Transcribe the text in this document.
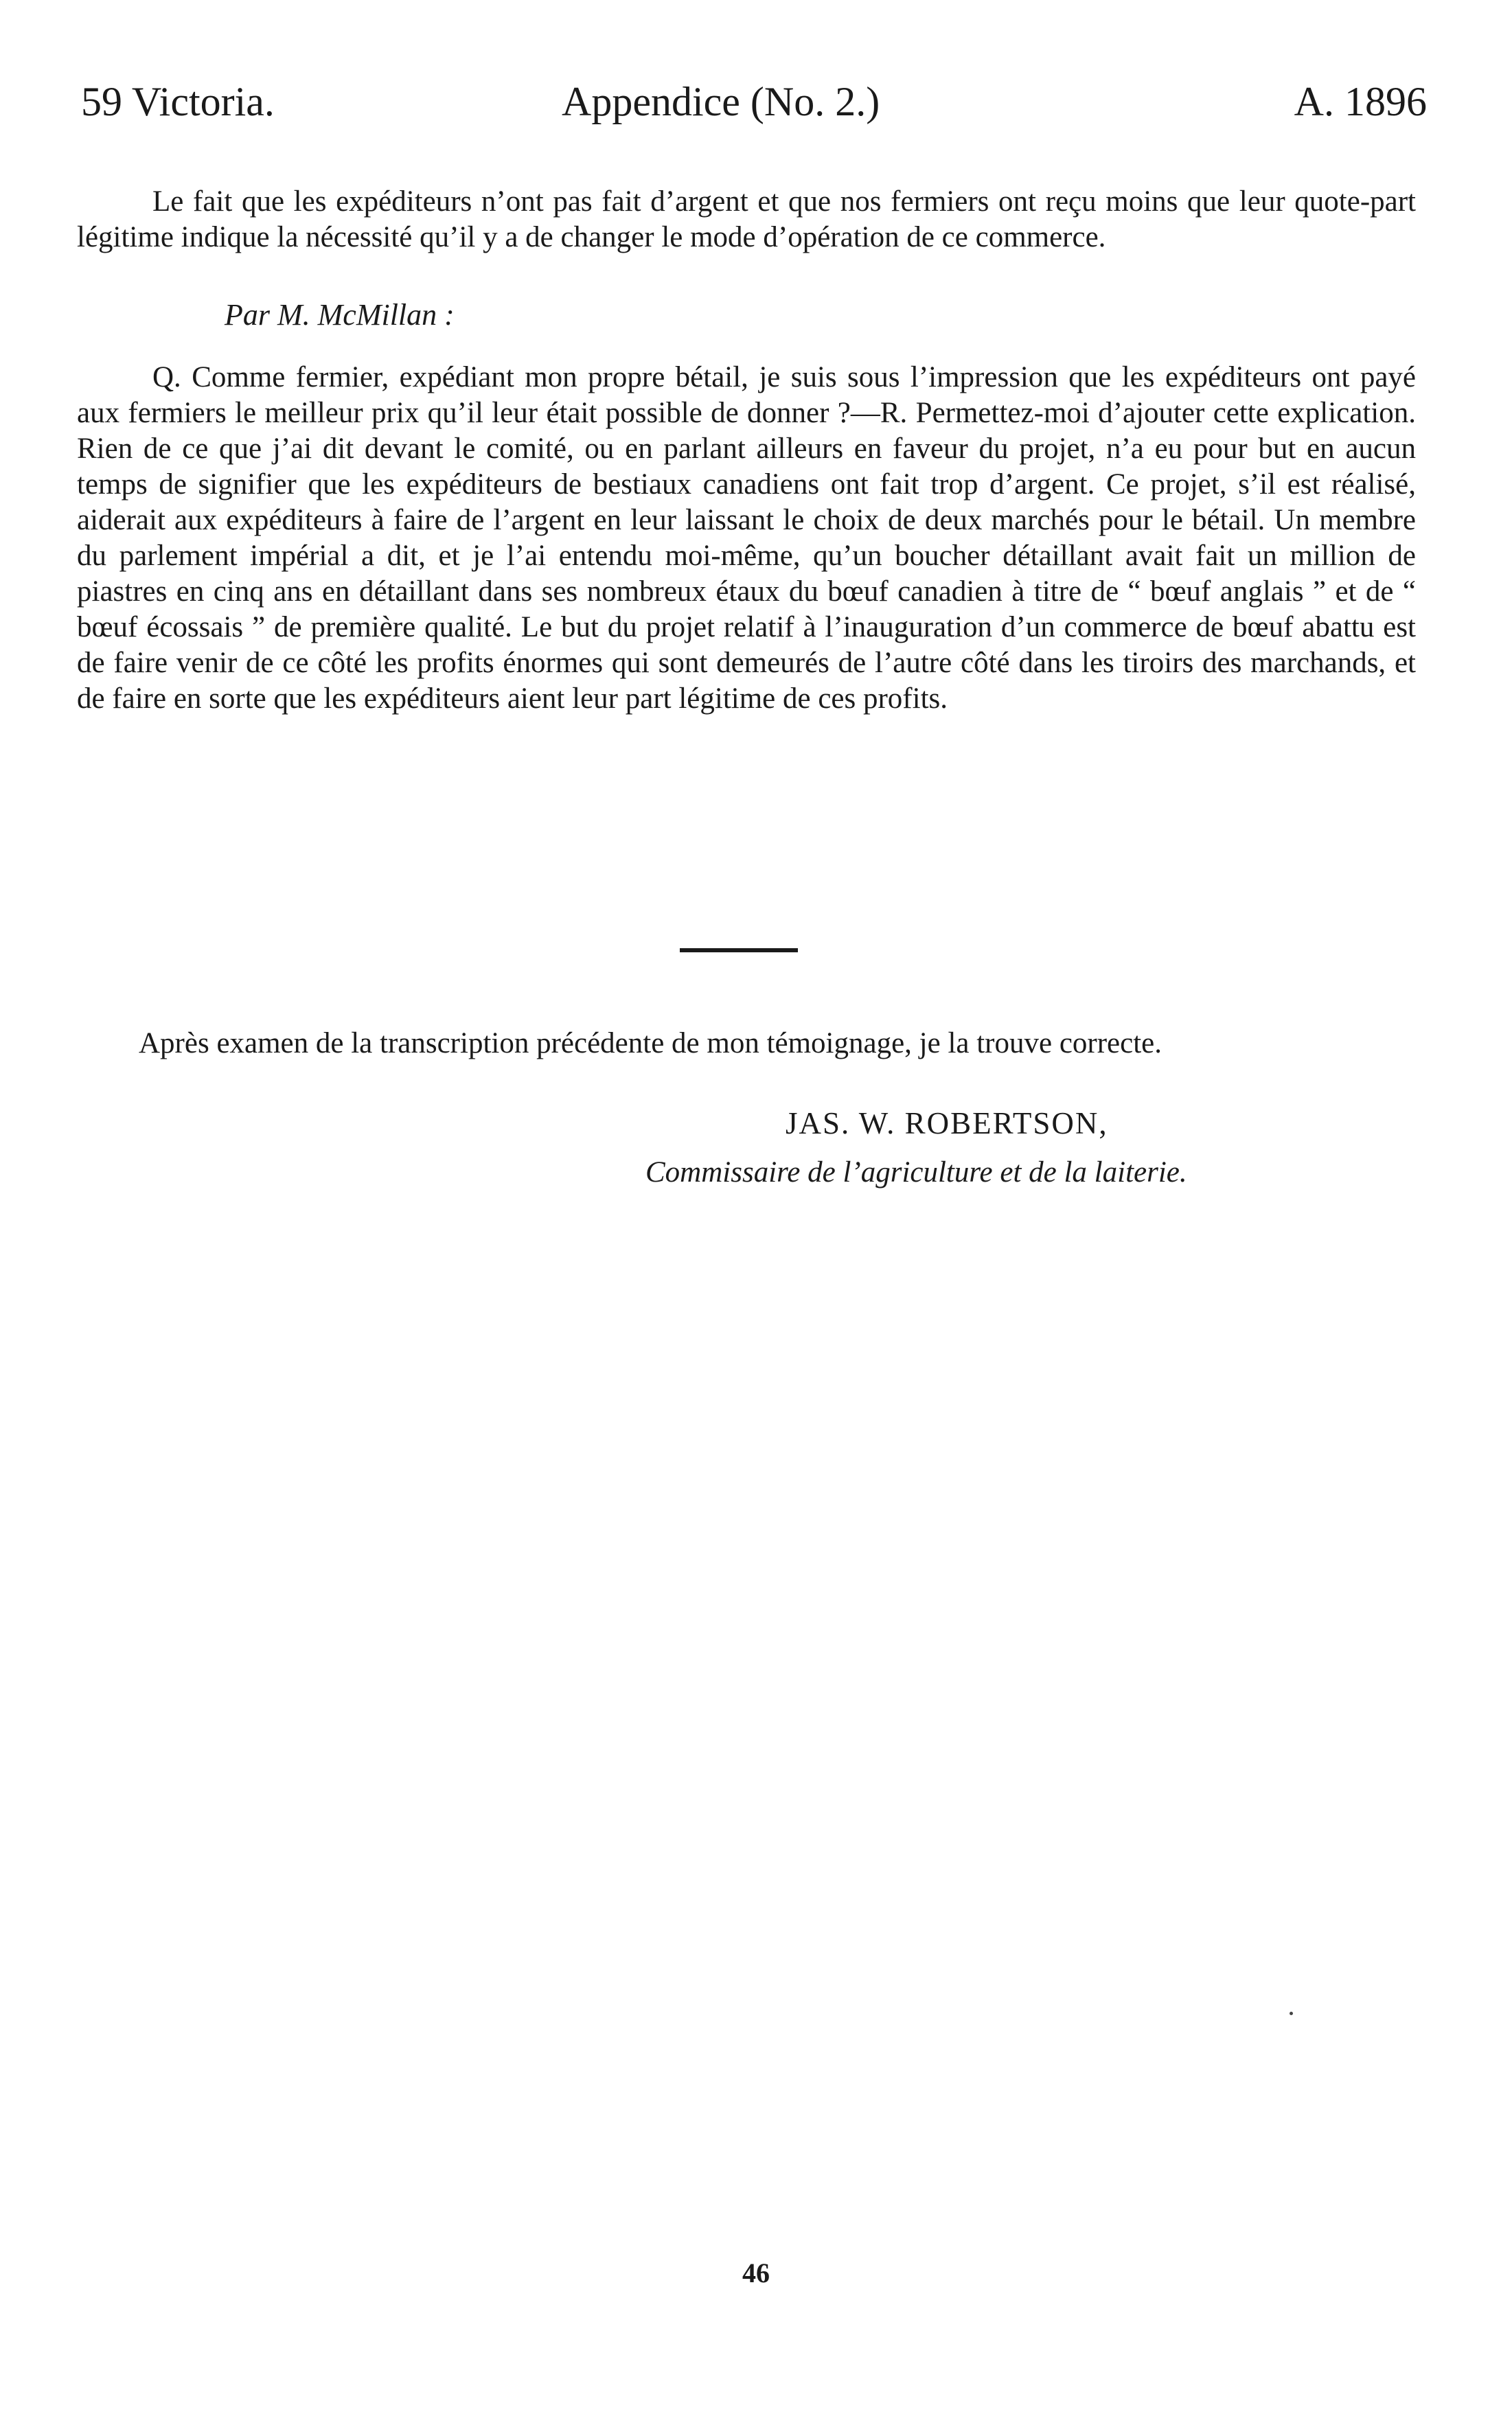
59 Victoria.	Appendice (No. 2.)	A. 1896

Le fait que les expéditeurs n’ont pas fait d’argent et que nos fermiers ont reçu moins que leur quote-part légitime indique la nécessité qu’il y a de changer le mode d’opération de ce commerce.

Par M. McMillan :

Q. Comme fermier, expédiant mon propre bétail, je suis sous l’impression que les expéditeurs ont payé aux fermiers le meilleur prix qu’il leur était possible de donner ?—R. Permettez-moi d’ajouter cette explication. Rien de ce que j’ai dit devant le comité, ou en parlant ailleurs en faveur du projet, n’a eu pour but en aucun temps de signifier que les expéditeurs de bestiaux canadiens ont fait trop d’argent. Ce projet, s’il est réalisé, aiderait aux expéditeurs à faire de l’argent en leur laissant le choix de deux marchés pour le bétail. Un membre du parlement impérial a dit, et je l’ai entendu moi-même, qu’un boucher détaillant avait fait un million de piastres en cinq ans en détaillant dans ses nombreux étaux du bœuf canadien à titre de “ bœuf anglais ” et de “ bœuf écossais ” de première qualité. Le but du projet relatif à l’inauguration d’un commerce de bœuf abattu est de faire venir de ce côté les profits énormes qui sont demeurés de l’autre côté dans les tiroirs des marchands, et de faire en sorte que les expéditeurs aient leur part légitime de ces profits.

Après examen de la transcription précédente de mon témoignage, je la trouve correcte.

JAS. W. ROBERTSON,
Commissaire de l’agriculture et de la laiterie.
46
